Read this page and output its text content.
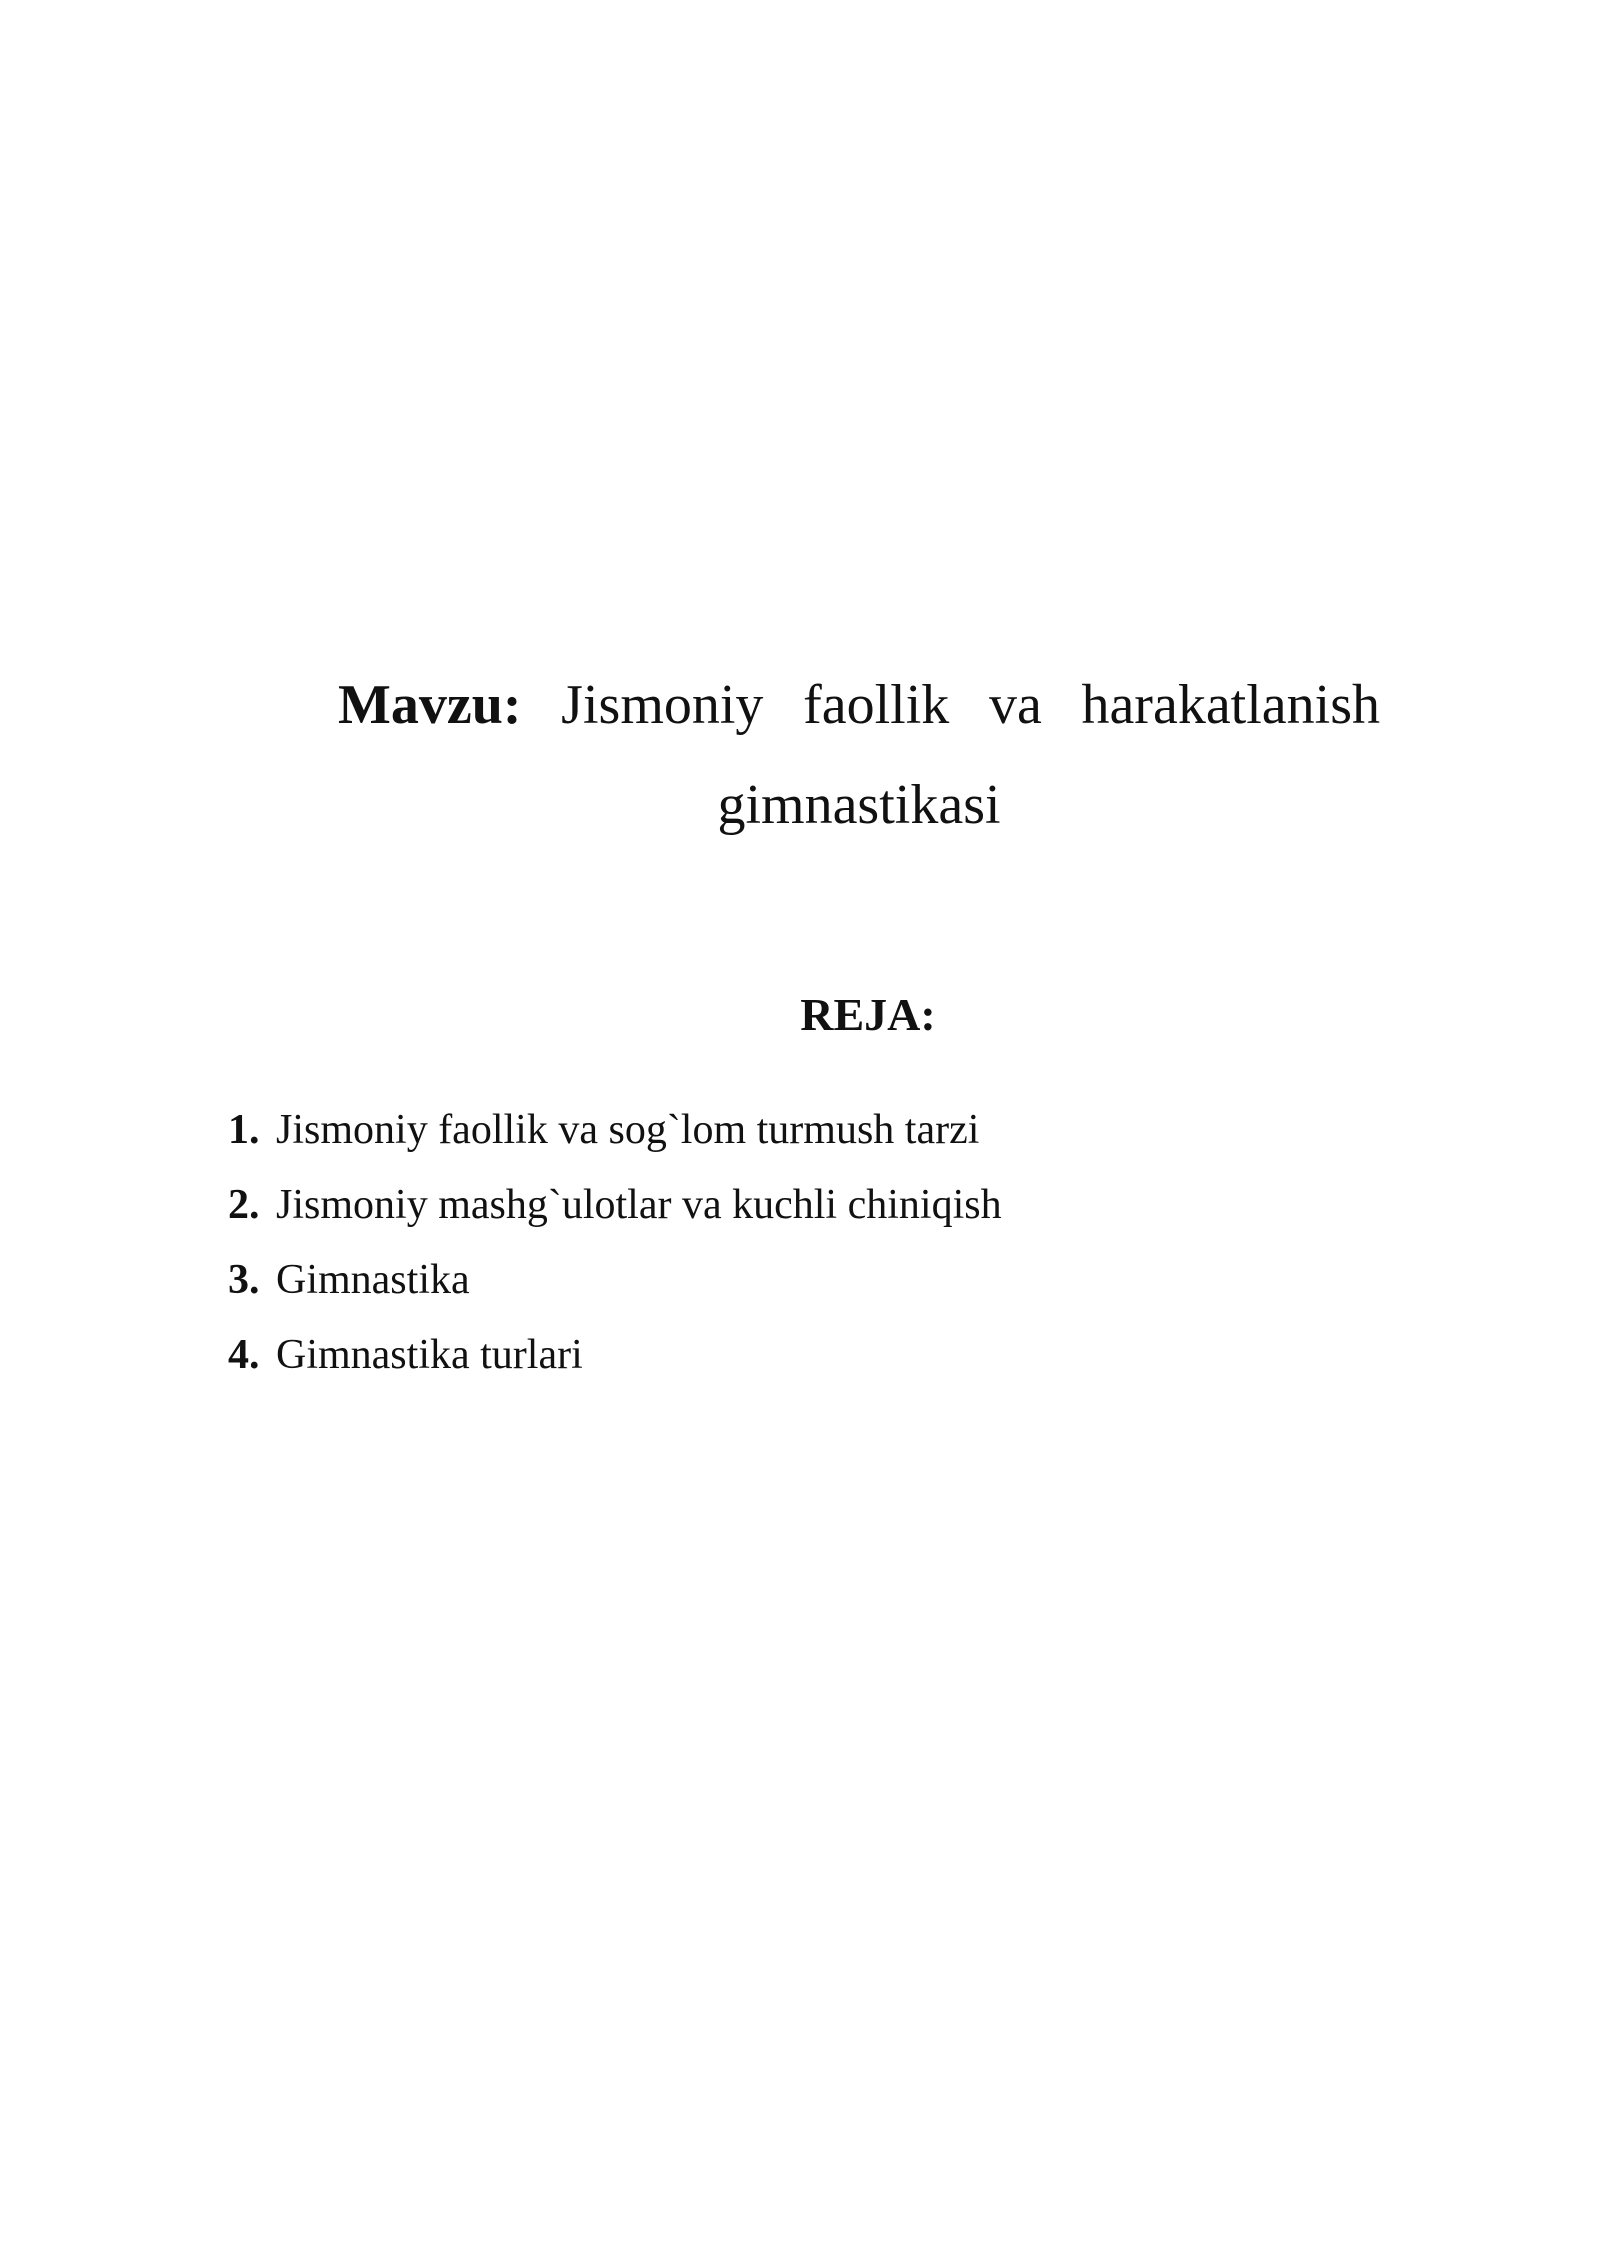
Mavzu: Jismoniy faollik va harakatlanish
gimnastikasi
REJA:
1. Jismoniy faollik va sog`lom turmush tarzi
2. Jismoniy mashg`ulotlar va kuchli chiniqish
3. Gimnastika
4. Gimnastika turlari
